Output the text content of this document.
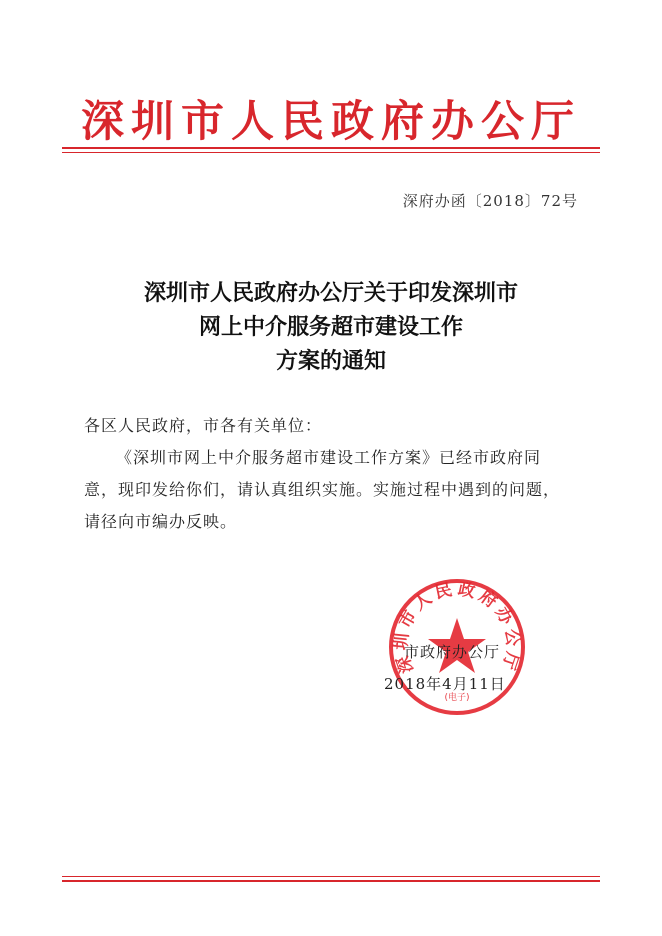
深圳市人民政府办公厅
深府办函〔2018〕72号
深圳市人民政府办公厅关于印发深圳市
网上中介服务超市建设工作
方案的通知
各区人民政府，市各有关单位：
《深圳市网上中介服务超市建设工作方案》已经市政府同
意，现印发给你们，请认真组织实施。实施过程中遇到的问题，
请径向市编办反映。
深圳市人民政府办公厅
(电子)
市政府办公厅
2018年4月11日
